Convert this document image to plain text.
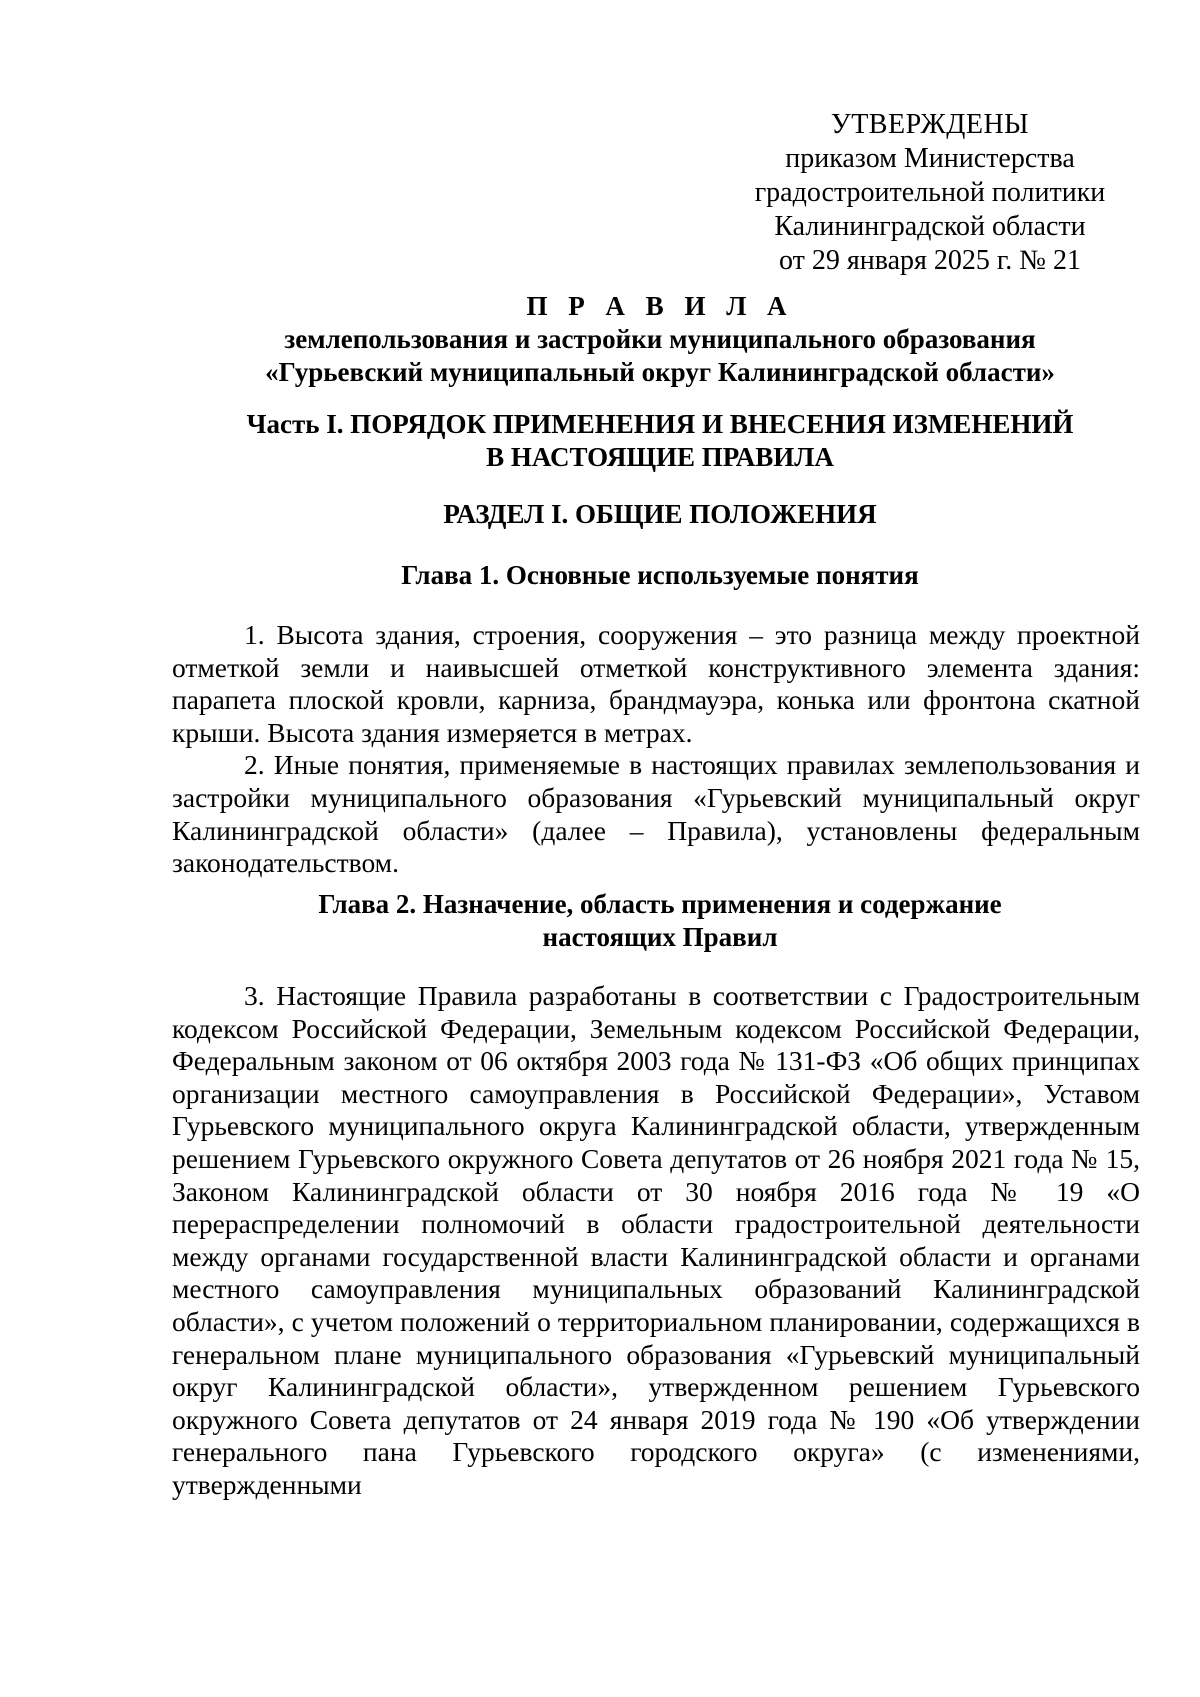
УТВЕРЖДЕНЫ
приказом Министерства
градостроительной политики
Калининградской области
от 29 января 2025 г. № 21
П Р А В И Л А
землепользования и застройки муниципального образования
«Гурьевский муниципальный округ Калининградской области»
Часть I. ПОРЯДОК ПРИМЕНЕНИЯ И ВНЕСЕНИЯ ИЗМЕНЕНИЙ
В НАСТОЯЩИЕ ПРАВИЛА
РАЗДЕЛ I. ОБЩИЕ ПОЛОЖЕНИЯ
Глава 1. Основные используемые понятия

1. Высота здания, строения, сооружения – это разница между проектной отметкой земли и наивысшей отметкой конструктивного элемента здания: парапета плоской кровли, карниза, брандмауэра, конька или фронтона скатной крыши. Высота здания измеряется в метрах.

2. Иные понятия, применяемые в настоящих правилах землепользования и застройки муниципального образования «Гурьевский муниципальный округ Калининградской области» (далее – Правила), установлены федеральным законодательством.

Глава 2. Назначение, область применения и содержание
настоящих Правил

3. Настоящие Правила разработаны в соответствии с Градостроительным кодексом Российской Федерации, Земельным кодексом Российской Федерации, Федеральным законом от 06 октября 2003 года № 131-ФЗ «Об общих принципах организации местного самоуправления в Российской Федерации», Уставом Гурьевского муниципального округа Калининградской области, утвержденным решением Гурьевского окружного Совета депутатов от 26 ноября 2021 года № 15, Законом Калининградской области от 30 ноября 2016 года № 19 «О перераспределении полномочий в области градостроительной деятельности между органами государственной власти Калининградской области и органами местного самоуправления муниципальных образований Калининградской области», с учетом положений о территориальном планировании, содержащихся в генеральном плане муниципального образования «Гурьевский муниципальный округ Калининградской области», утвержденном решением Гурьевского окружного Совета депутатов от 24 января 2019 года № 190 «Об утверждении генерального пана Гурьевского городского округа» (с изменениями, утвержденными
